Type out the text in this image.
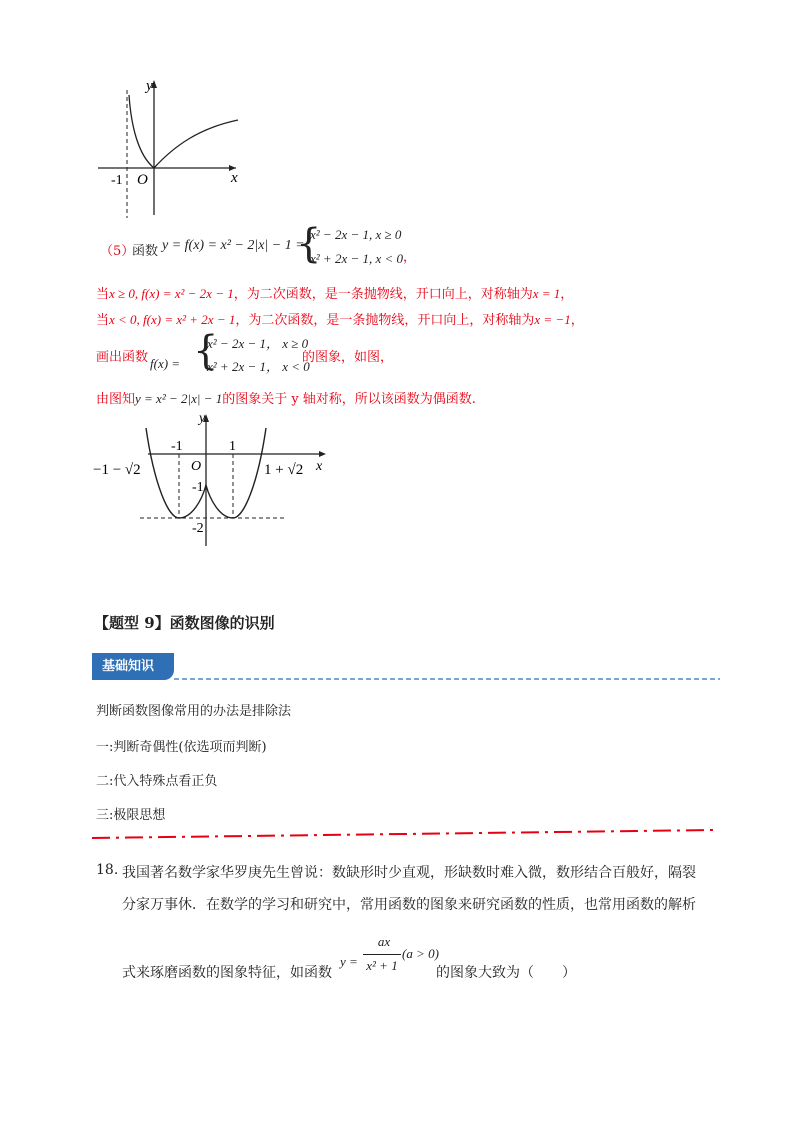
y
x
O
-1
（5）
函数 y = f(x) = x² − 2|x| − 1 =
{
x² − 2x − 1, x ≥ 0
x² + 2x − 1, x < 0 ，
当x ≥ 0, f(x) = x² − 2x − 1，为二次函数，是一条抛物线，开口向上，对称轴为x = 1，
当x < 0, f(x) = x² + 2x − 1，为二次函数，是一条抛物线，开口向上，对称轴为x = −1，
画出函数 f(x) = {
x² − 2x − 1， x ≥ 0
x² + 2x − 1， x < 0
的图象，如图，
由图知y = x² − 2|x| − 1的图象关于 y 轴对称，所以该函数为偶函数.
y
x
O
−1 − √2	1 + √2
-1	1
-1
-2
【题型 9】函数图像的识别
基础知识
判断函数图像常用的办法是排除法
一:判断奇偶性(依选项而判断)
二:代入特殊点看正负
三:极限思想
18. 我国著名数学家华罗庚先生曾说：数缺形时少直观，形缺数时难入微，数形结合百般好，隔裂
分家万事休．在数学的学习和研究中，常用函数的图象来研究函数的性质，也常用函数的解析
式来琢磨函数的图象特征，如函数
y =
ax
x² + 1
(a > 0)
的图象大致为（　　）
